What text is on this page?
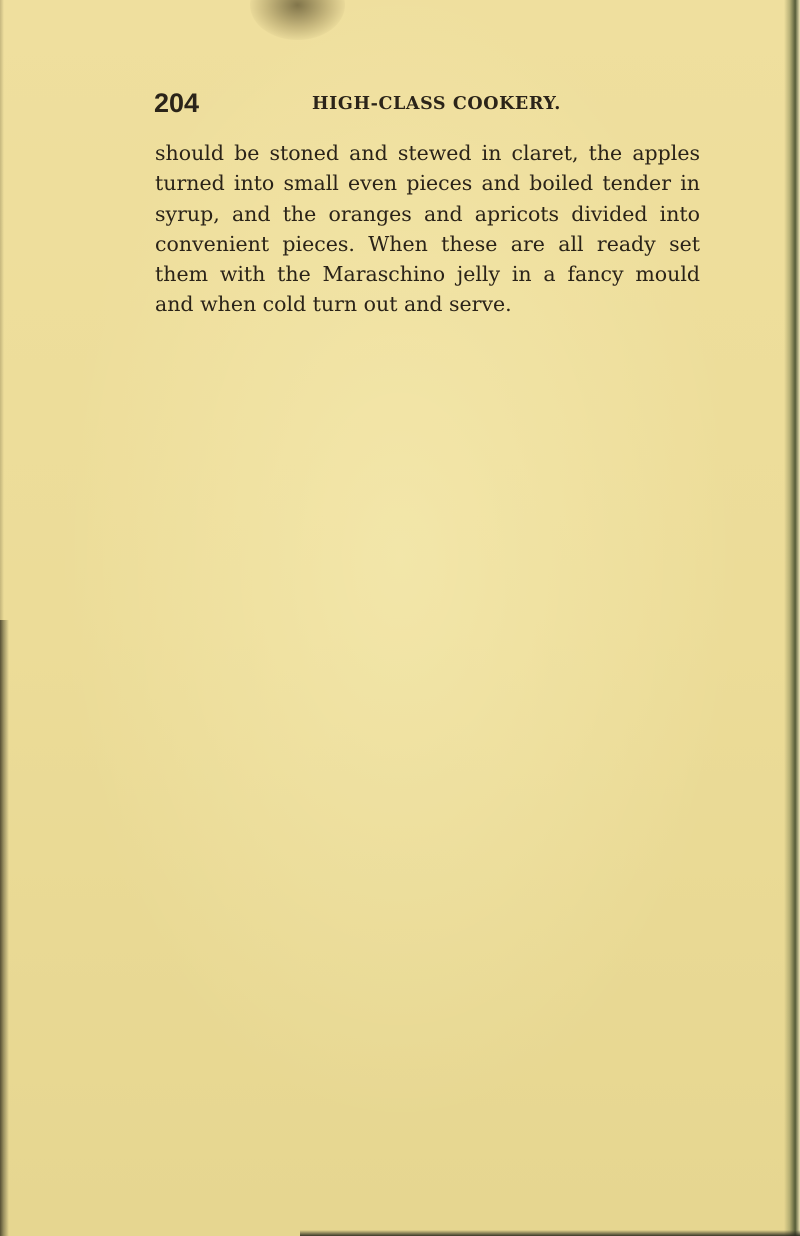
204	HIGH-CLASS COOKERY.
should be stoned and stewed in claret, the apples
turned into small even pieces and boiled tender in
syrup, and the oranges and apricots divided into
convenient pieces. When these are all ready set
them with the Maraschino jelly in a fancy mould
and when cold turn out and serve.
